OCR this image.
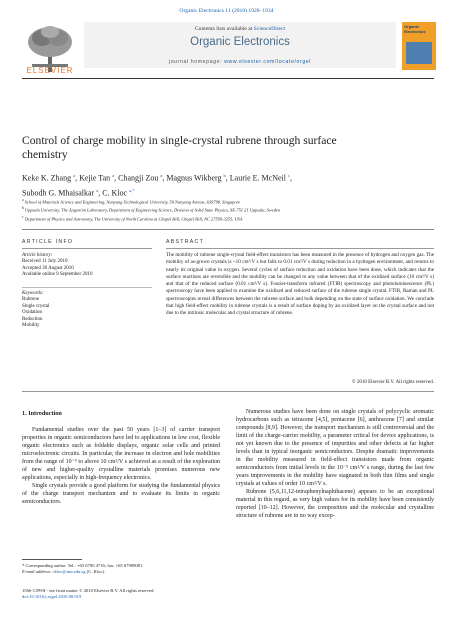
Organic Electronics 11 (2010) 1928–1934
ELSEVIER
Contents lists available at ScienceDirect
Organic Electronics
journal homepage: www.elsevier.com/locate/orgel
Organic Electronics
Control of charge mobility in single-crystal rubrene through surface chemistry
Keke K. Zhang $^a$, Kejie Tan $^a$, Changji Zou $^a$, Magnus Wikberg $^b$, Laurie E. McNeil $^c$,
Subodh G. Mhaisalkar $^a$, C. Kloc $^{a,*}$
$^a$ School of Materials Science and Engineering, Nanyang Technological University, 50 Nanyang Avenue, 639798, Singapore
$^b$ Uppsala University, The Ångström Laboratory, Department of Engineering Science, Division of Solid State Physics, SE-751 21 Uppsala, Sweden
$^c$ Department of Physics and Astronomy, The University of North Carolina at Chapel Hill, Chapel Hill, NC 27599-3255, USA
ARTICLE INFO	ABSTRACT
Article history:
Received 11 July 2010
Accepted 30 August 2010
Available online 9 September 2010
Keywords:
Rubrene
Single crystal
Oxidation
Reduction
Mobility
The mobility of rubrene single-crystal field-effect transistors has been measured in the presence of hydrogen and oxygen gas. The mobility of as-grown crystals is ~10 cm²/V s but falls to 0.01 cm²/V s during reduction in a hydrogen environment, and returns to nearly its original value in oxygen. Several cycles of surface reduction and oxidation have been done, which indicates that the surface reactions are reversible and the mobility can be changed to any value between that of the oxidized surface (10 cm²/V s) and that of the reduced surface (0.01 cm²/V s). Fourier-transform infrared (FTIR) spectroscopy and photoluminescence (PL) spectroscopy have been applied to examine the oxidized and reduced surface of the rubrene single crystal. FTIR, Raman and PL spectroscopies reveal differences between the rubrene surface and bulk depending on the state of surface oxidation. We conclude that high field-effect mobility in rubrene crystals is a result of surface doping by an oxidized layer on the crystal surface and not due to the intrinsic molecular and crystal structure of rubrene.
© 2010 Elsevier B.V. All rights reserved.
1. Introduction

Fundamental studies over the past 50 years [1–3] of carrier transport properties in organic semiconductors have led to applications in low cost, flexible organic electronics such as foldable displays, organic solar cells and printed microelectronic circuits. In particular, the increase in electron and hole mobilities from the range of 10⁻⁵ to above 10 cm²/V s achieved as a result of the exploration of new and higher-quality crystalline materials promises numerous new applications, especially in high-frequency electronics.

Single crystals provide a good platform for studying the fundamental physics of the charge transport mechanism and to evaluate its limits in organic semiconductors.

Numerous studies have been done on single crystals of polycyclic aromatic hydrocarbons such as tetracene [4,5], pentacene [6], anthracene [7] and similar compounds [8,9]. However, the transport mechanism is still controversial and the limit of the charge-carrier mobility, a parameter critical for device applications, is not yet known due to the presence of impurities and other defects at far higher levels than in typical inorganic semiconductors. Despite dramatic improvements in the mobility measured in field-effect transistors made from organic semiconductors from initial levels in the 10⁻⁵ cm²/V s range, during the last few years improvements in the mobility have stagnated in both thin films and single crystals at values of order 10 cm²/V s.

Rubrene (5,6,11,12-tetraphenylnaphthacene) appears to be an exceptional material in this regard, as very high values for its mobility have been consistently reported [10–12]. However, the composition and the molecular and crystalline structure of rubrene are in no way excep-

* Corresponding author. Tel.: +65 6790 4716; fax: +65 67909081.
E-mail address: ckloc@ntu.edu.sg (C. Kloc).
1566-1199/$ - see front matter © 2010 Elsevier B.V. All rights reserved.
doi:10.1016/j.orgel.2010.08.019
